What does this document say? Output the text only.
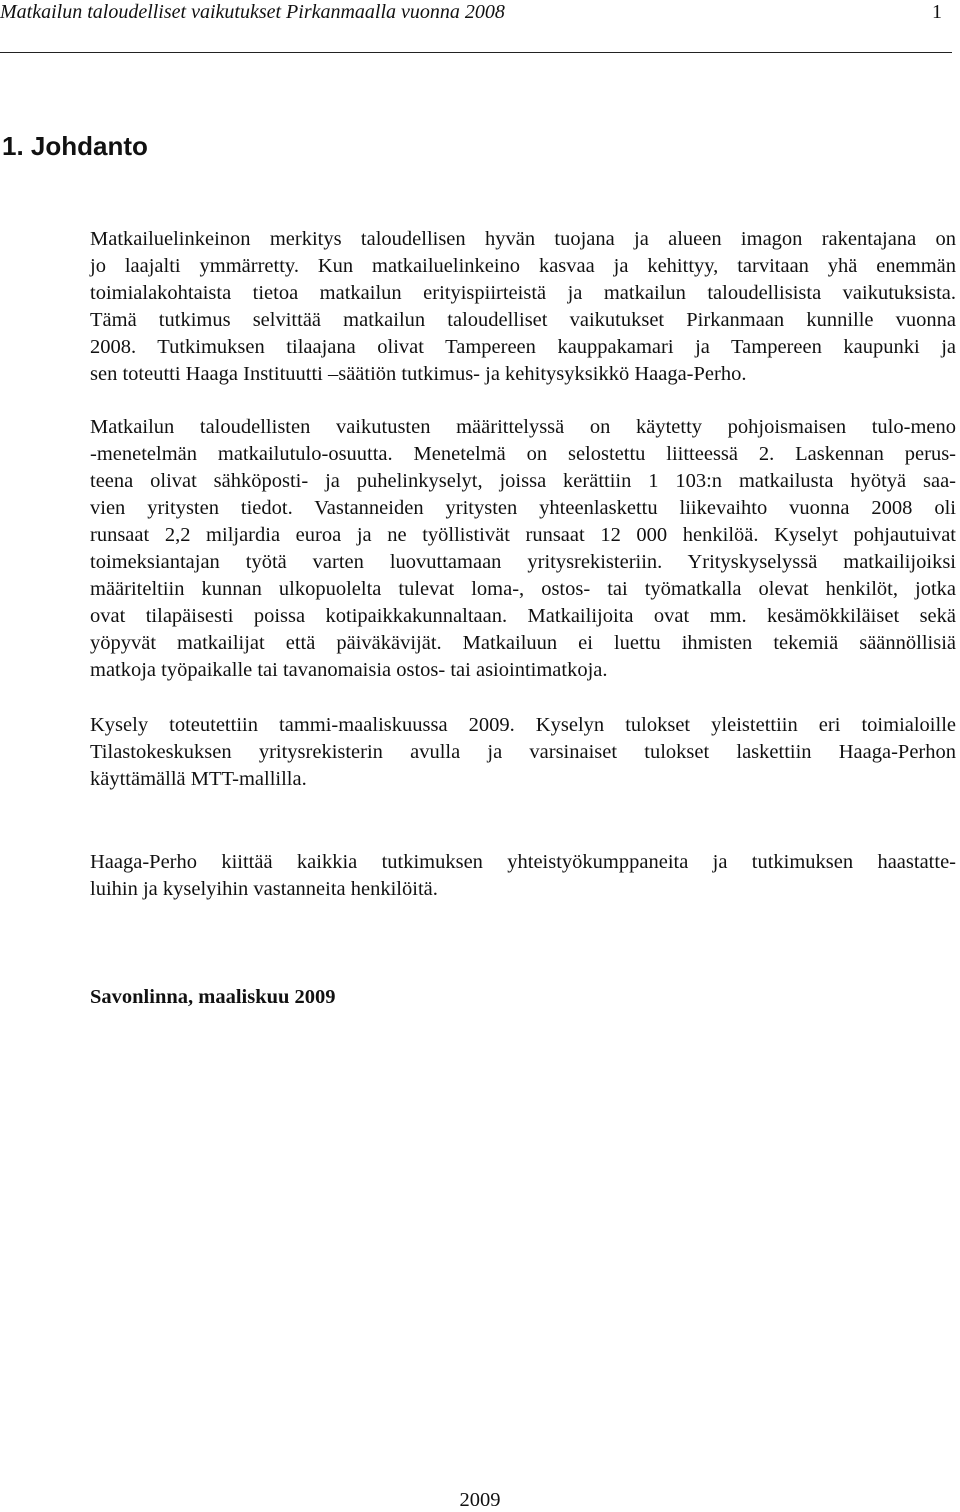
Matkailun taloudelliset vaikutukset Pirkanmaalla vuonna 2008	1
1. Johdanto
Matkailuelinkeinon merkitys taloudellisen hyvän tuojana ja alueen imagon rakentajana on
jo laajalti ymmärretty. Kun matkailuelinkeino kasvaa ja kehittyy, tarvitaan yhä enemmän
toimialakohtaista tietoa matkailun erityispiirteistä ja matkailun taloudellisista vaikutuksista.
Tämä tutkimus selvittää matkailun taloudelliset vaikutukset Pirkanmaan kunnille vuonna
2008. Tutkimuksen tilaajana olivat Tampereen kauppakamari ja Tampereen kaupunki ja
sen toteutti Haaga Instituutti –säätiön tutkimus- ja kehitysyksikkö Haaga-Perho.
Matkailun taloudellisten vaikutusten määrittelyssä on käytetty pohjoismaisen tulo-meno
-menetelmän matkailutulo-osuutta. Menetelmä on selostettu liitteessä 2. Laskennan perus-
teena olivat sähköposti- ja puhelinkyselyt, joissa kerättiin 1 103:n matkailusta hyötyä saa-
vien yritysten tiedot. Vastanneiden yritysten yhteenlaskettu liikevaihto vuonna 2008 oli
runsaat 2,2 miljardia euroa ja ne työllistivät runsaat 12 000 henkilöä. Kyselyt pohjautuivat
toimeksiantajan työtä varten luovuttamaan yritysrekisteriin. Yrityskyselyssä matkailijoiksi
määriteltiin kunnan ulkopuolelta tulevat loma-, ostos- tai työmatkalla olevat henkilöt, jotka
ovat tilapäisesti poissa kotipaikkakunnaltaan. Matkailijoita ovat mm. kesämökkiläiset sekä
yöpyvät matkailijat että päiväkävijät. Matkailuun ei luettu ihmisten tekemiä säännöllisiä
matkoja työpaikalle tai tavanomaisia ostos- tai asiointimatkoja.
Kysely toteutettiin tammi-maaliskuussa 2009. Kyselyn tulokset yleistettiin eri toimialoille
Tilastokeskuksen yritysrekisterin avulla ja varsinaiset tulokset laskettiin Haaga-Perhon
käyttämällä MTT-mallilla.
Haaga-Perho kiittää kaikkia tutkimuksen yhteistyökumppaneita ja tutkimuksen haastatte-
luihin ja kyselyihin vastanneita henkilöitä.
Savonlinna, maaliskuu 2009
2009
